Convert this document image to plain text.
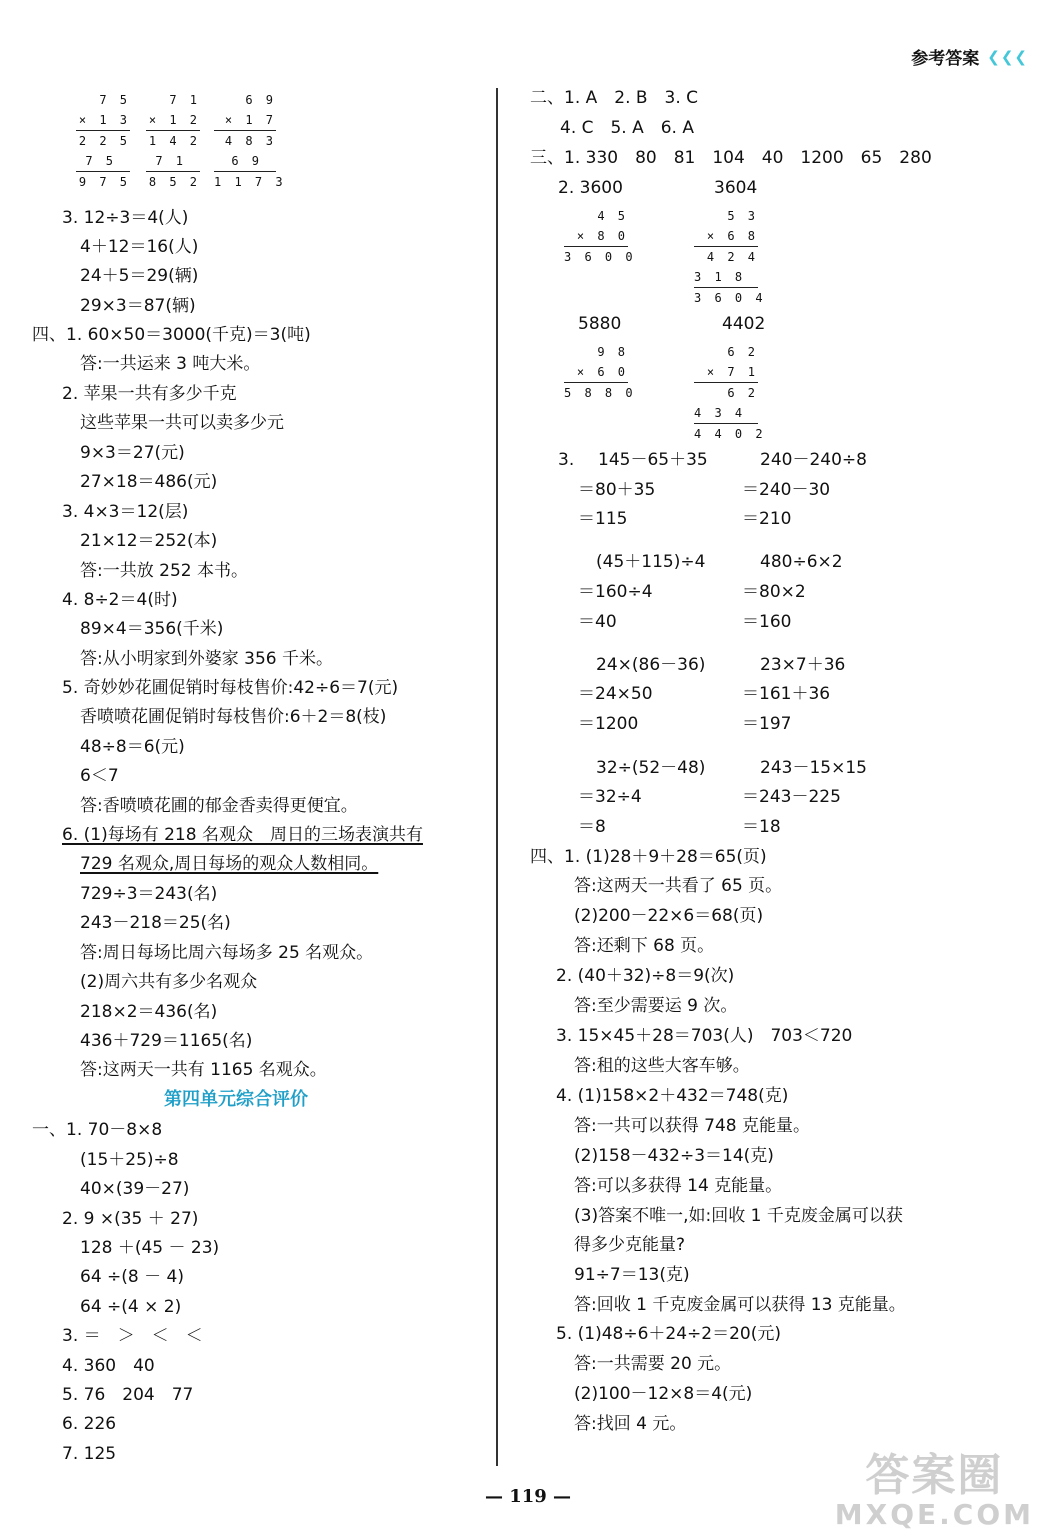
参考答案 ❮❮❮
7 5
× 1 3
2 2 5
7 5
9 7 5
7 1
× 1 2
1 4 2
7 1
8 5 2
6 9
× 1 7
4 8 3
6 9
1 1 7 3
3. 12÷3＝4(人)
4＋12＝16(人)
24＋5＝29(辆)
29×3＝87(辆)
四、1. 60×50＝3000(千克)＝3(吨)
答:一共运来 3 吨大米。
2. 苹果一共有多少千克
这些苹果一共可以卖多少元
9×3＝27(元)
27×18＝486(元)
3. 4×3＝12(层)
21×12＝252(本)
答:一共放 252 本书。
4. 8÷2＝4(时)
89×4＝356(千米)
答:从小明家到外婆家 356 千米。
5. 奇妙妙花圃促销时每枝售价:42÷6＝7(元)
香喷喷花圃促销时每枝售价:6＋2＝8(枝)
48÷8＝6(元)
6＜7
答:香喷喷花圃的郁金香卖得更便宜。
6. (1)每场有 218 名观众　周日的三场表演共有
729 名观众,周日每场的观众人数相同。
729÷3＝243(名)
243－218＝25(名)
答:周日每场比周六每场多 25 名观众。
(2)周六共有多少名观众
218×2＝436(名)
436＋729＝1165(名)
答:这两天一共有 1165 名观众。
第四单元综合评价
一、1. 70－8×8
(15＋25)÷8
40×(39－27)
2. 9 ×(35 ＋ 27)
128 ＋(45 － 23)
64 ÷(8 － 4)
64 ÷(4 × 2)
3. ＝　＞　＜　＜
4. 360　40
5. 76　204　77
6. 226
7. 125
二、1. A　2. B　3. C
4. C　5. A　6. A
三、1. 330　80　81　104　40　1200　65　280
2. 3600	3604
4 5
× 8 0
3 6 0 0
5 3
× 6 8
4 2 4
3 1 8
3 6 0 4
5880	4402
9 8
× 6 0
5 8 8 0
6 2
× 7 1
6 2
4 3 4
4 4 0 2
3. 145－65＋35
＝80＋35
＝115
240－240÷8
＝240－30
＝210
(45＋115)÷4
＝160÷4
＝40
480÷6×2
＝80×2
＝160
24×(86－36)
＝24×50
＝1200
23×7＋36
＝161＋36
＝197
32÷(52－48)
＝32÷4
＝8
243－15×15
＝243－225
＝18
四、1. (1)28＋9＋28＝65(页)
答:这两天一共看了 65 页。
(2)200－22×6＝68(页)
答:还剩下 68 页。
2. (40＋32)÷8＝9(次)
答:至少需要运 9 次。
3. 15×45＋28＝703(人)　703＜720
答:租的这些大客车够。
4. (1)158×2＋432＝748(克)
答:一共可以获得 748 克能量。
(2)158－432÷3＝14(克)
答:可以多获得 14 克能量。
(3)答案不唯一,如:回收 1 千克废金属可以获
得多少克能量?
91÷7＝13(克)
答:回收 1 千克废金属可以获得 13 克能量。
5. (1)48÷6＋24÷2＝20(元)
答:一共需要 20 元。
(2)100－12×8＝4(元)
答:找回 4 元。
— 119 —	答案圈
MXQE.COM
